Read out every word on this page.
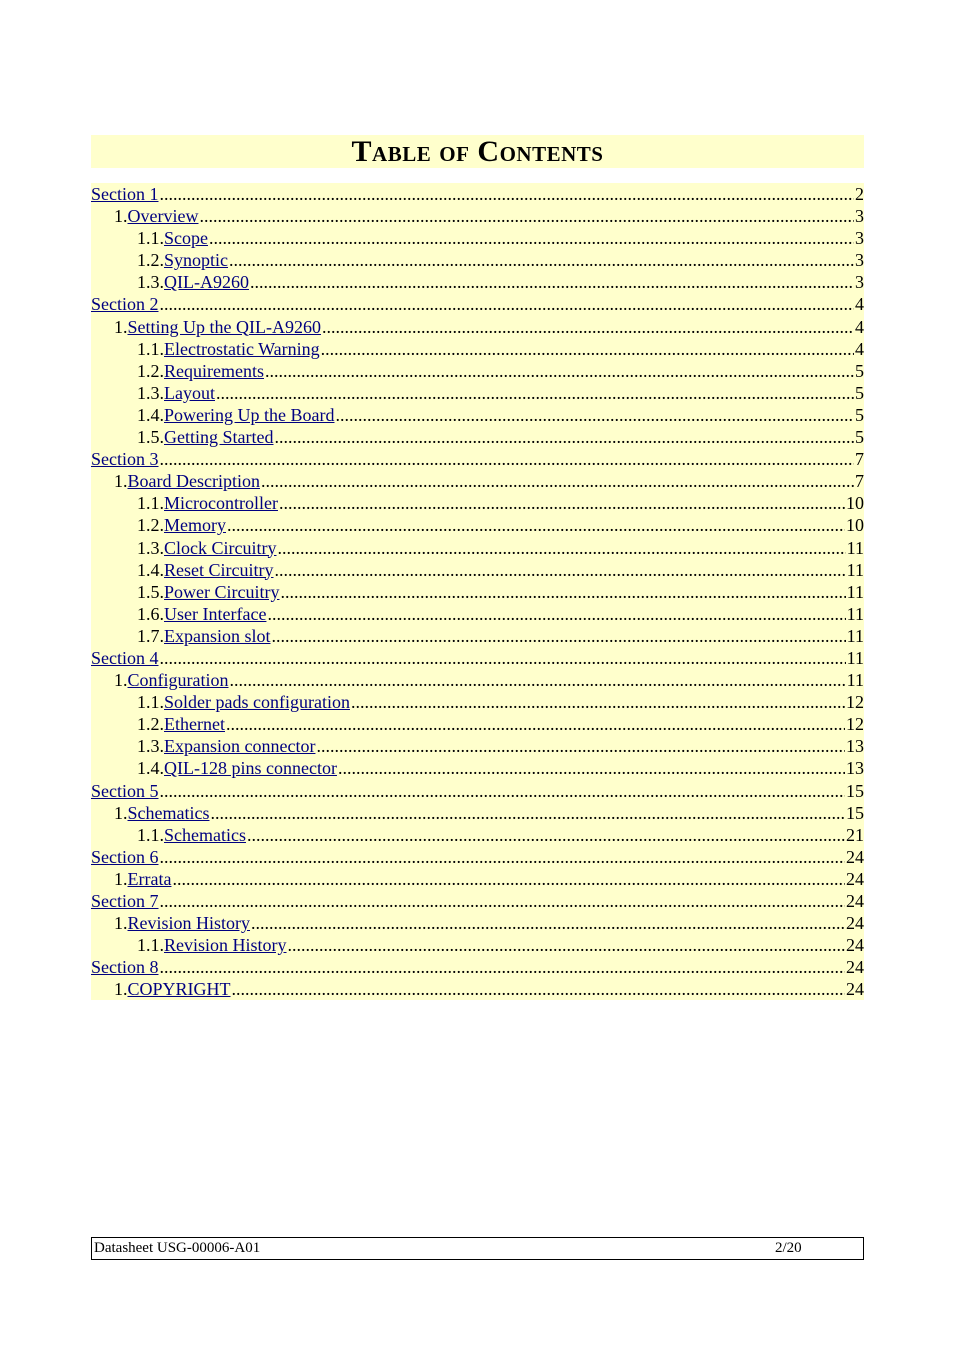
Table of Contents
Section 1 .....	2
1. Overview .....	3
1.1. Scope .....	3
1.2. Synoptic .....	3
1.3. QIL-A9260 .....	3
Section 2 .....	4
1. Setting Up the QIL-A9260 .....	4
1.1. Electrostatic Warning .....	4
1.2. Requirements .....	5
1.3. Layout .....	5
1.4. Powering Up the Board .....	5
1.5. Getting Started .....	5
Section 3 .....	7
1. Board Description .....	7
1.1. Microcontroller .....	10
1.2. Memory .....	10
1.3. Clock Circuitry .....	11
1.4. Reset Circuitry .....	11
1.5. Power Circuitry .....	11
1.6. User Interface .....	11
1.7. Expansion slot .....	11
Section 4 .....	11
1. Configuration .....	11
1.1. Solder pads configuration .....	12
1.2. Ethernet .....	12
1.3. Expansion connector .....	13
1.4. QIL-128 pins connector .....	13
Section 5 .....	15
1. Schematics .....	15
1.1. Schematics .....	21
Section 6 .....	24
1. Errata .....	24
Section 7 .....	24
1. Revision History .....	24
1.1. Revision History .....	24
Section 8 .....	24
1. COPYRIGHT .....	24
Datasheet USG-00006-A01	2/20
